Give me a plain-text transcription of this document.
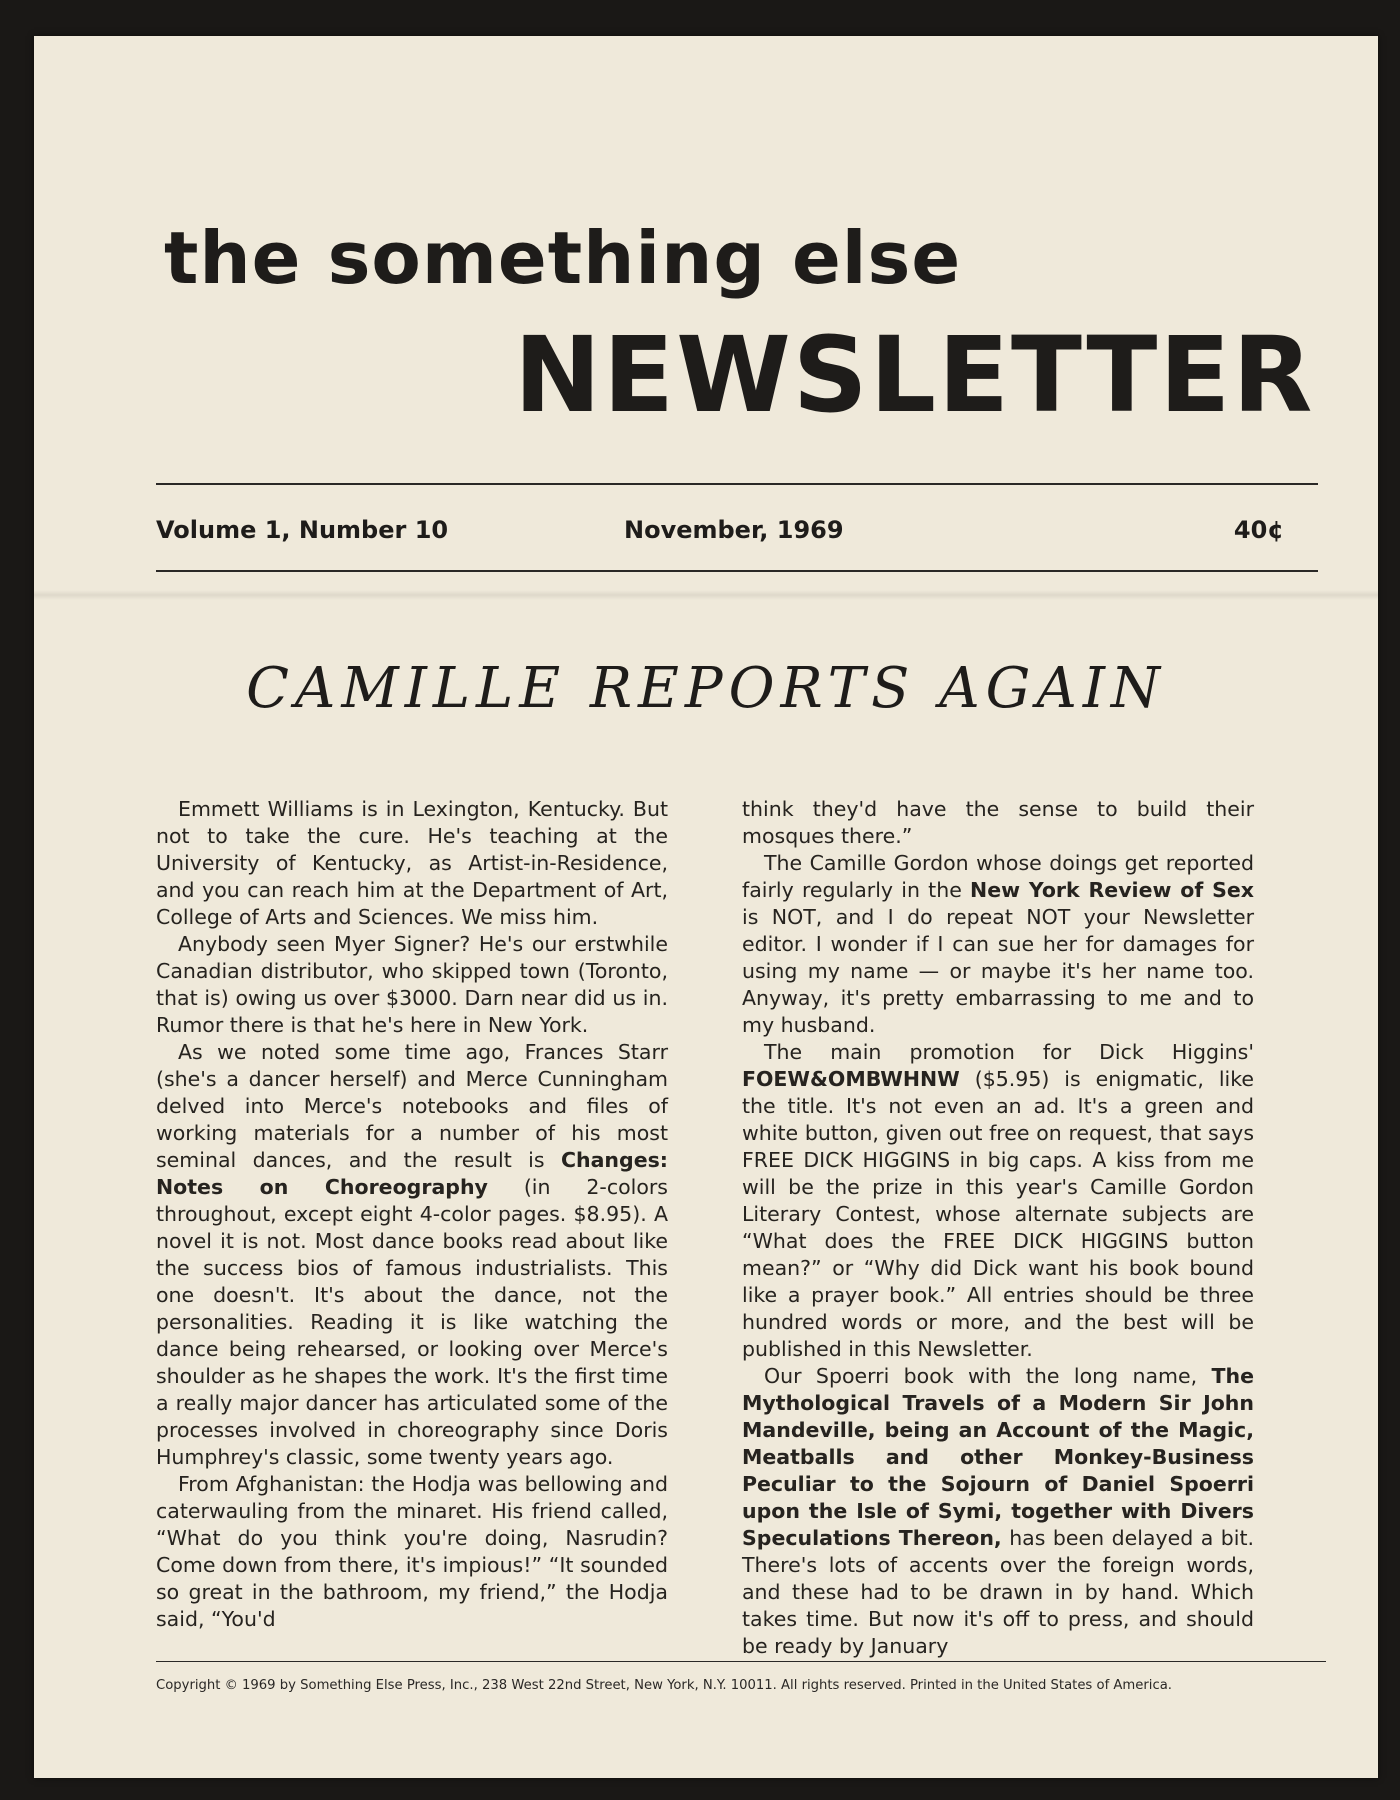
the something else
NEWSLETTER
Volume 1, Number 10	November, 1969	40¢
CAMILLE REPORTS AGAIN

Emmett Williams is in Lexington, Kentucky. But not to take the cure. He's teaching at the University of Kentucky, as Artist-in-Residence, and you can reach him at the Department of Art, College of Arts and Sciences. We miss him.

Anybody seen Myer Signer? He's our erstwhile Canadian distributor, who skipped town (Toronto, that is) owing us over $3000. Darn near did us in. Rumor there is that he's here in New York.

As we noted some time ago, Frances Starr (she's a dancer herself) and Merce Cunningham delved into Merce's notebooks and files of working materials for a number of his most seminal dances, and the result is Changes: Notes on Choreography (in 2-colors throughout, except eight 4-color pages. $8.95). A novel it is not. Most dance books read about like the success bios of famous industrialists. This one doesn't. It's about the dance, not the personalities. Reading it is like watching the dance being rehearsed, or looking over Merce's shoulder as he shapes the work. It's the first time a really major dancer has articulated some of the processes involved in choreography since Doris Humphrey's classic, some twenty years ago.

From Afghanistan: the Hodja was bellowing and caterwauling from the minaret. His friend called, “What do you think you're doing, Nasrudin? Come down from there, it's impious!” “It sounded so great in the bathroom, my friend,” the Hodja said, “You'd

think they'd have the sense to build their mosques there.”

The Camille Gordon whose doings get reported fairly regularly in the New York Review of Sex is NOT, and I do repeat NOT your Newsletter editor. I wonder if I can sue her for damages for using my name — or maybe it's her name too. Anyway, it's pretty embarrassing to me and to my husband.

The main promotion for Dick Higgins' FOEW&OMBWHNW ($5.95) is enigmatic, like the title. It's not even an ad. It's a green and white button, given out free on request, that says FREE DICK HIGGINS in big caps. A kiss from me will be the prize in this year's Camille Gordon Literary Contest, whose alternate subjects are “What does the FREE DICK HIGGINS button mean?” or “Why did Dick want his book bound like a prayer book.” All entries should be three hundred words or more, and the best will be published in this Newsletter.

Our Spoerri book with the long name, The Mythological Travels of a Modern Sir John Mandeville, being an Account of the Magic, Meatballs and other Monkey-Business Peculiar to the Sojourn of Daniel Spoerri upon the Isle of Symi, together with Divers Speculations Thereon, has been delayed a bit. There's lots of accents over the foreign words, and these had to be drawn in by hand. Which takes time. But now it's off to press, and should be ready by January

Copyright © 1969 by Something Else Press, Inc., 238 West 22nd Street, New York, N.Y. 10011. All rights reserved. Printed in the United States of America.
